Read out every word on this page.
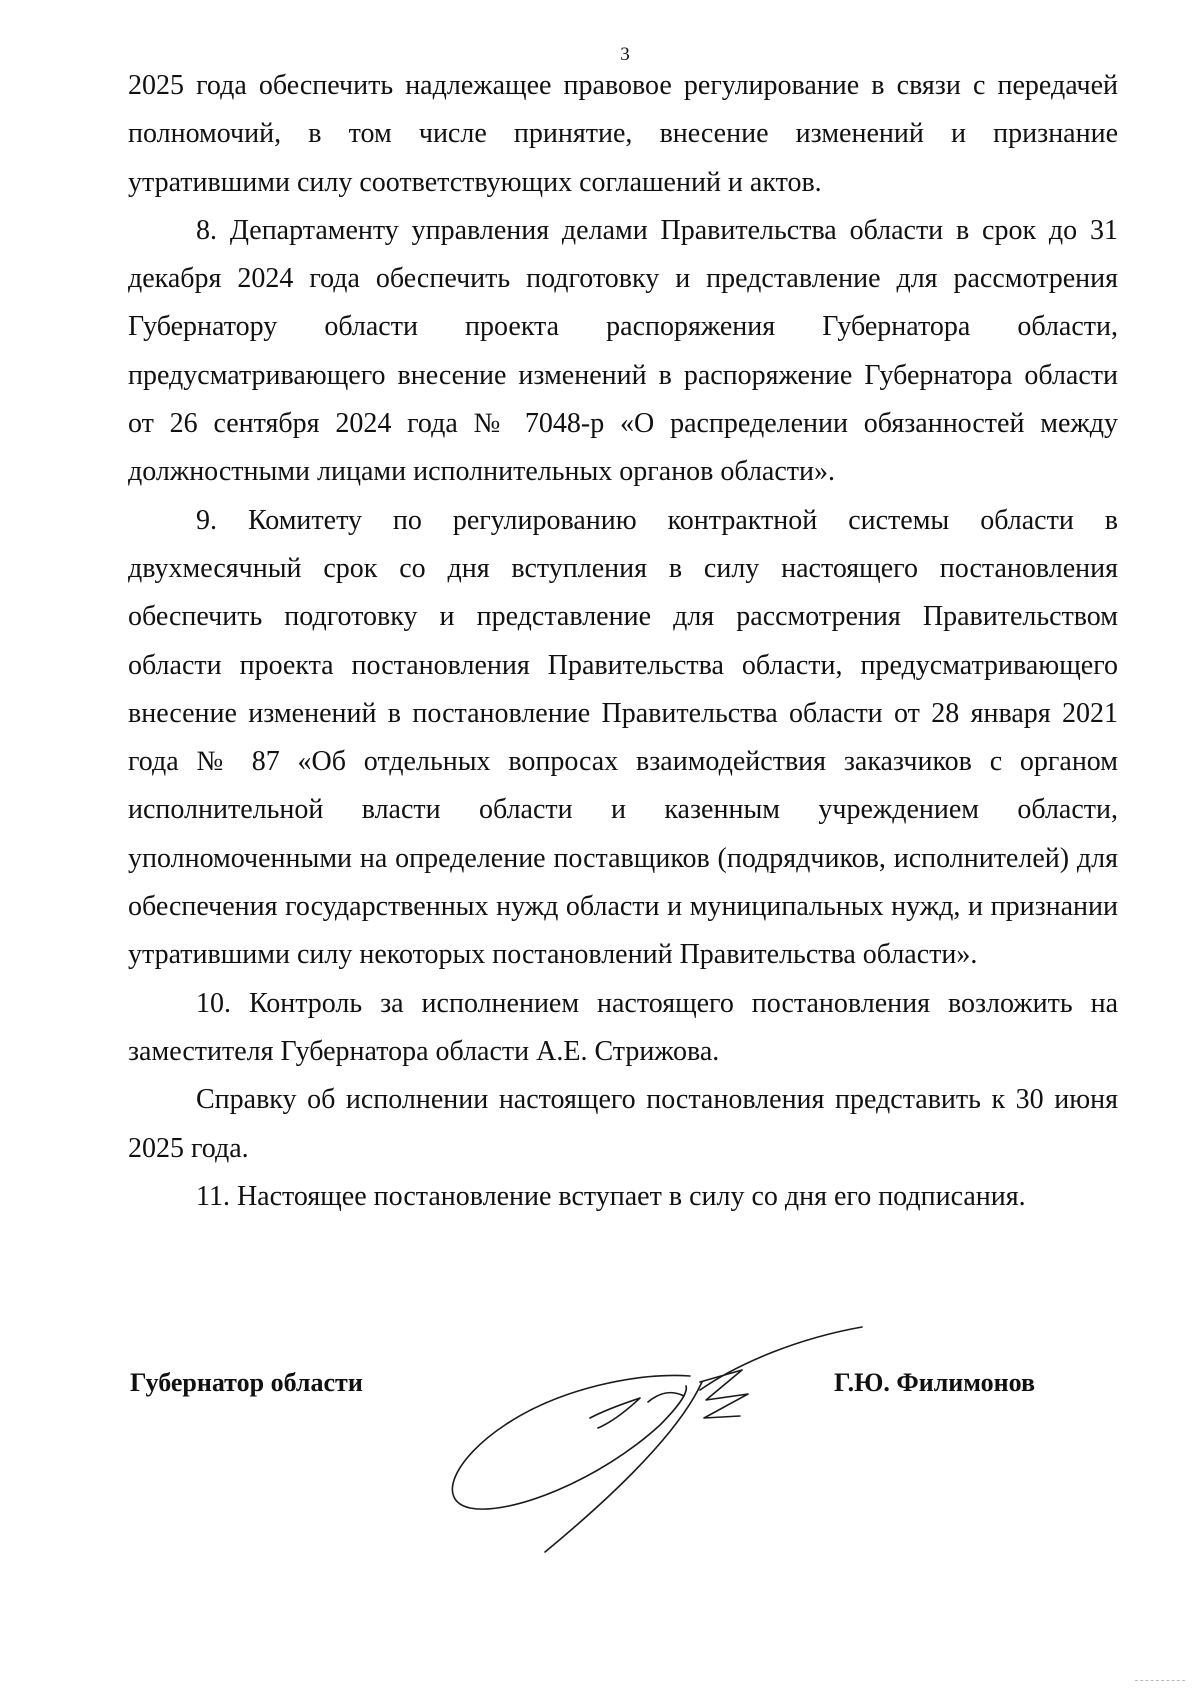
3

2025 года обеспечить надлежащее правовое регулирование в связи с передачей полномочий, в том числе принятие, внесение изменений и признание утратившими силу соответствующих соглашений и актов.

8. Департаменту управления делами Правительства области в срок до 31 декабря 2024 года обеспечить подготовку и представление для рассмотрения Губернатору области проекта распоряжения Губернатора области, предусматривающего внесение изменений в распоряжение Губернатора области от 26 сентября 2024 года № 7048-р «О распределении обязанностей между должностными лицами исполнительных органов области».

9. Комитету по регулированию контрактной системы области в двухмесячный срок со дня вступления в силу настоящего постановления обеспечить подготовку и представление для рассмотрения Правительством области проекта постановления Правительства области, предусматривающего внесение изменений в постановление Правительства области от 28 января 2021 года № 87 «Об отдельных вопросах взаимодействия заказчиков с органом исполнительной власти области и казенным учреждением области, уполномоченными на определение поставщиков (подрядчиков, исполнителей) для обеспечения государственных нужд области и муниципальных нужд, и признании утратившими силу некоторых постановлений Правительства области».

10. Контроль за исполнением настоящего постановления возложить на заместителя Губернатора области А.Е. Стрижова.

Справку об исполнении настоящего постановления представить к 30 июня 2025 года.

11. Настоящее постановление вступает в силу со дня его подписания.

Губернатор области	Г.Ю. Филимонов
